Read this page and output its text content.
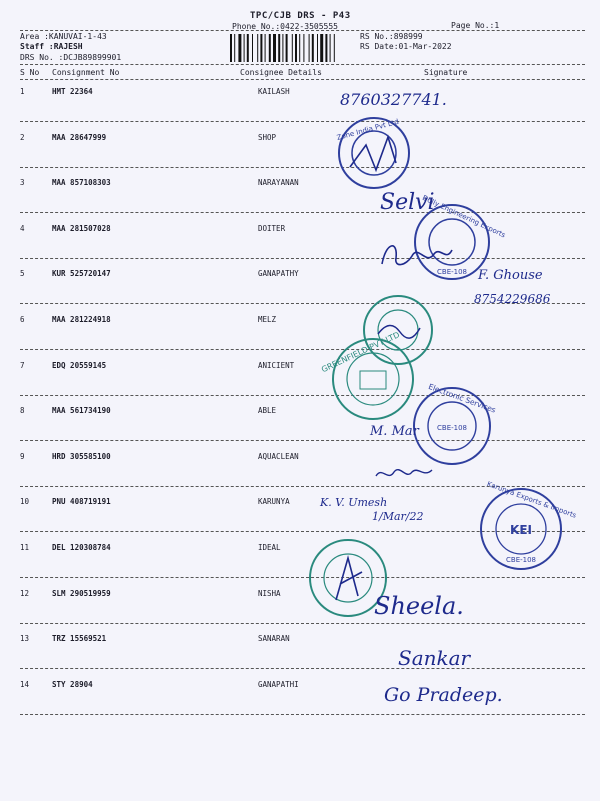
TPC/CJB DRS - P43
Phone No.:0422-3505555	Page No.:1
Area :KANUVAI-1-43
Staff :RAJESH
DRS No. :DCJB89899901
RS No.:898999
RS Date:01-Mar-2022
S No Consignment No	Consignee Details	Signature
1	HMT 22364	KAILASH
2	MAA 28647999	SHOP
3	MAA 857108303	NARAYANAN
4	MAA 281507028	DOITER
5	KUR 525720147	GANAPATHY
6	MAA 281224918	MELZ
7	EDQ 20559145	ANICIENT
8	MAA 561734190	ABLE
9	HRD 305585100	AQUACLEAN
10	PNU 408719191	KARUNYA
11	DEL 120308784	IDEAL
12	SLM 290519959	NISHA
13	TRZ 15569521	SANARAN
14	STY 28904	GANAPATHI
Zone India Pvt Ltd
Dolly Engineering Exports
CBE-108
GREENFIELD PVT LTD
Electronic Services
CBE-108
Karunya Exports & Imports
CBE-108
KEI
8760327741.
Selvi
F. Ghouse
8754229686
M. Mar
K. V. Umesh
1/Mar/22
Sheela.
Sankar
Go Pradeep.
